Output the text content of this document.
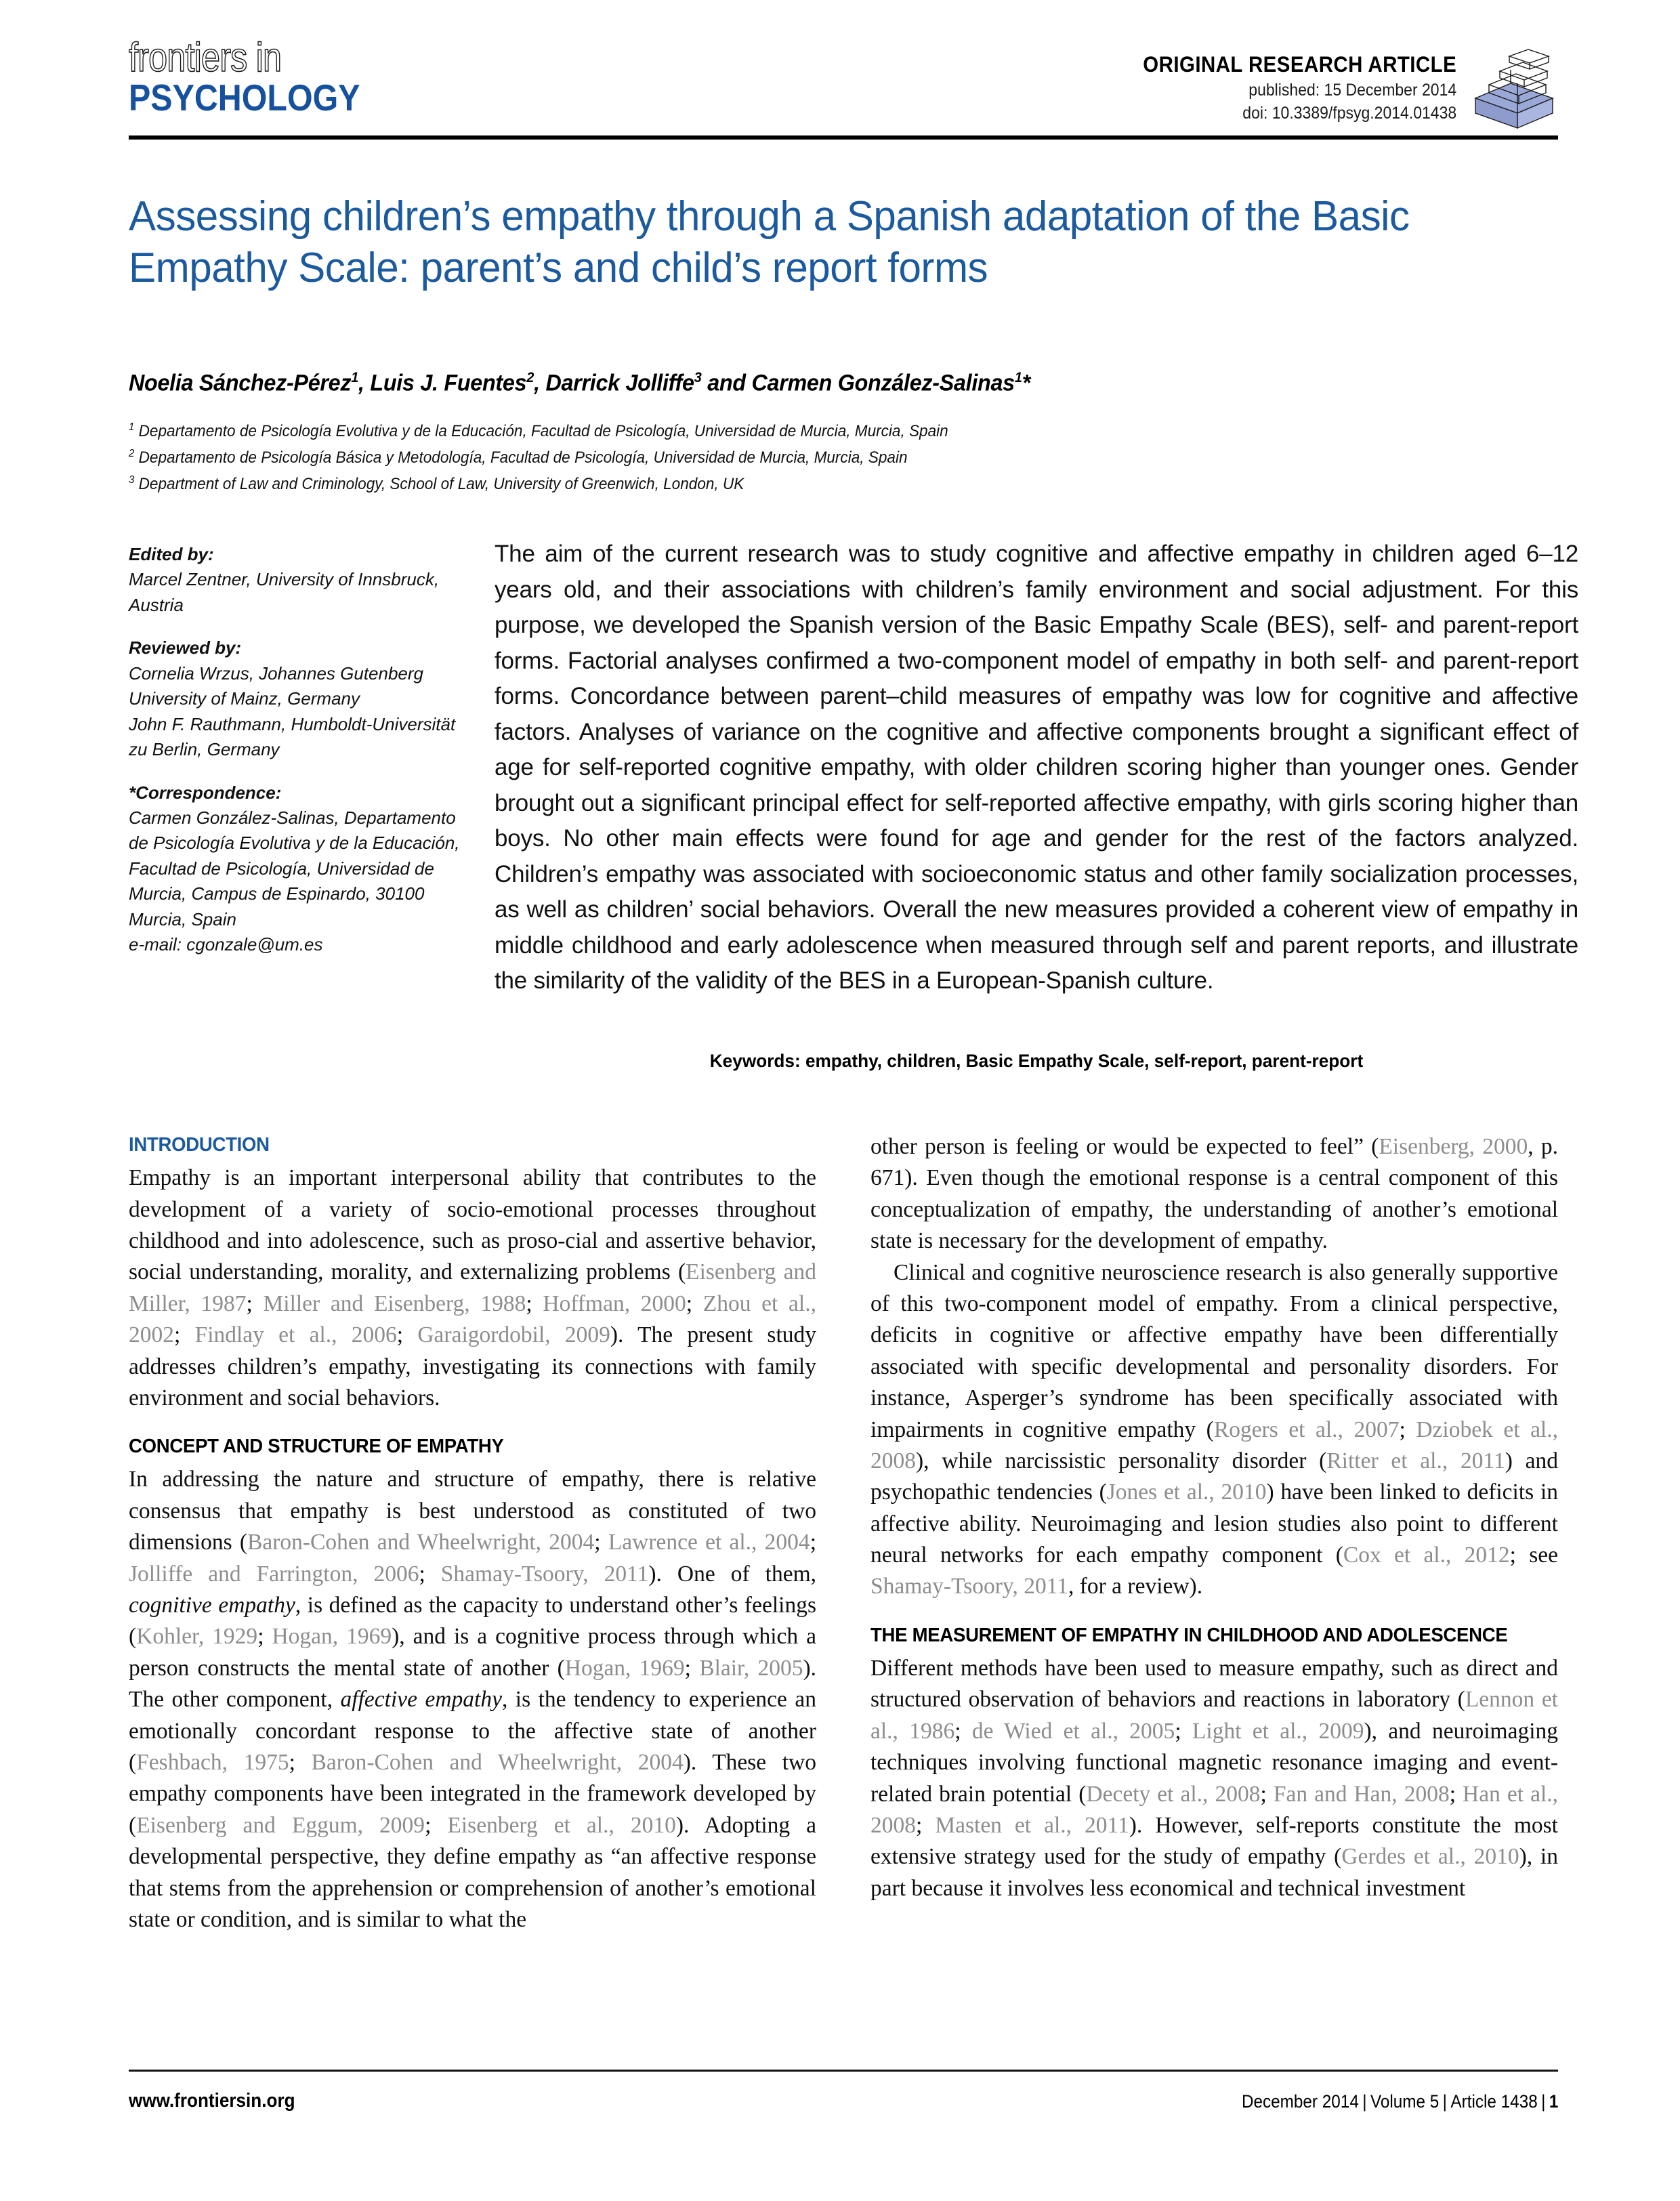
frontiers in
PSYCHOLOGY
ORIGINAL RESEARCH ARTICLE
published: 15 December 2014
doi: 10.3389/fpsyg.2014.01438
Assessing children’s empathy through a Spanish adaptation of the Basic Empathy Scale: parent’s and child’s report forms
Noelia Sánchez-Pérez$^1$, Luis J. Fuentes$^2$, Darrick Jolliffe$^3$ and Carmen González-Salinas$^1$*
$^1$ Departamento de Psicología Evolutiva y de la Educación, Facultad de Psicología, Universidad de Murcia, Murcia, Spain
$^2$ Departamento de Psicología Básica y Metodología, Facultad de Psicología, Universidad de Murcia, Murcia, Spain
$^3$ Department of Law and Criminology, School of Law, University of Greenwich, London, UK
Edited by:
Marcel Zentner, University of Innsbruck, Austria
Reviewed by:
Cornelia Wrzus, Johannes Gutenberg University of Mainz, Germany
John F. Rauthmann, Humboldt-Universität zu Berlin, Germany
*Correspondence:
Carmen González-Salinas, Departamento de Psicología Evolutiva y de la Educación, Facultad de Psicología, Universidad de Murcia, Campus de Espinardo, 30100 Murcia, Spain
e-mail: cgonzale@um.es
The aim of the current research was to study cognitive and affective empathy in children aged 6–12 years old, and their associations with children’s family environment and social adjustment. For this purpose, we developed the Spanish version of the Basic Empathy Scale (BES), self- and parent-report forms. Factorial analyses confirmed a two-component model of empathy in both self- and parent-report forms. Concordance between parent–child measures of empathy was low for cognitive and affective factors. Analyses of variance on the cognitive and affective components brought a significant effect of age for self-reported cognitive empathy, with older children scoring higher than younger ones. Gender brought out a significant principal effect for self-reported affective empathy, with girls scoring higher than boys. No other main effects were found for age and gender for the rest of the factors analyzed. Children’s empathy was associated with socioeconomic status and other family socialization processes, as well as children’ social behaviors. Overall the new measures provided a coherent view of empathy in middle childhood and early adolescence when measured through self and parent reports, and illustrate the similarity of the validity of the BES in a European-Spanish culture.
Keywords: empathy, children, Basic Empathy Scale, self-report, parent-report
INTRODUCTION

Empathy is an important interpersonal ability that contributes to the development of a variety of socio-emotional processes throughout childhood and into adolescence, such as proso-cial and assertive behavior, social understanding, morality, and externalizing problems (Eisenberg and Miller, 1987; Miller and Eisenberg, 1988; Hoffman, 2000; Zhou et al., 2002; Findlay et al., 2006; Garaigordobil, 2009). The present study addresses children’s empathy, investigating its connections with family environment and social behaviors.

CONCEPT AND STRUCTURE OF EMPATHY

In addressing the nature and structure of empathy, there is relative consensus that empathy is best understood as constituted of two dimensions (Baron-Cohen and Wheelwright, 2004; Lawrence et al., 2004; Jolliffe and Farrington, 2006; Shamay-Tsoory, 2011). One of them, cognitive empathy, is defined as the capacity to understand other’s feelings (Kohler, 1929; Hogan, 1969), and is a cognitive process through which a person constructs the mental state of another (Hogan, 1969; Blair, 2005). The other component, affective empathy, is the tendency to experience an emotionally concordant response to the affective state of another (Feshbach, 1975; Baron-Cohen and Wheelwright, 2004). These two empathy components have been integrated in the framework developed by (Eisenberg and Eggum, 2009; Eisenberg et al., 2010). Adopting a developmental perspective, they define empathy as “an affective response that stems from the apprehension or comprehension of another’s emotional state or condition, and is similar to what the

other person is feeling or would be expected to feel” (Eisenberg, 2000, p. 671). Even though the emotional response is a central component of this conceptualization of empathy, the understanding of another’s emotional state is necessary for the development of empathy.

Clinical and cognitive neuroscience research is also generally supportive of this two-component model of empathy. From a clinical perspective, deficits in cognitive or affective empathy have been differentially associated with specific developmental and personality disorders. For instance, Asperger’s syndrome has been specifically associated with impairments in cognitive empathy (Rogers et al., 2007; Dziobek et al., 2008), while narcissistic personality disorder (Ritter et al., 2011) and psychopathic tendencies (Jones et al., 2010) have been linked to deficits in affective ability. Neuroimaging and lesion studies also point to different neural networks for each empathy component (Cox et al., 2012; see Shamay-Tsoory, 2011, for a review).

THE MEASUREMENT OF EMPATHY IN CHILDHOOD AND ADOLESCENCE

Different methods have been used to measure empathy, such as direct and structured observation of behaviors and reactions in laboratory (Lennon et al., 1986; de Wied et al., 2005; Light et al., 2009), and neuroimaging techniques involving functional magnetic resonance imaging and event-related brain potential (Decety et al., 2008; Fan and Han, 2008; Han et al., 2008; Masten et al., 2011). However, self-reports constitute the most extensive strategy used for the study of empathy (Gerdes et al., 2010), in part because it involves less economical and technical investment

www.frontiersin.org	December 2014 | Volume 5 | Article 1438 | 1
